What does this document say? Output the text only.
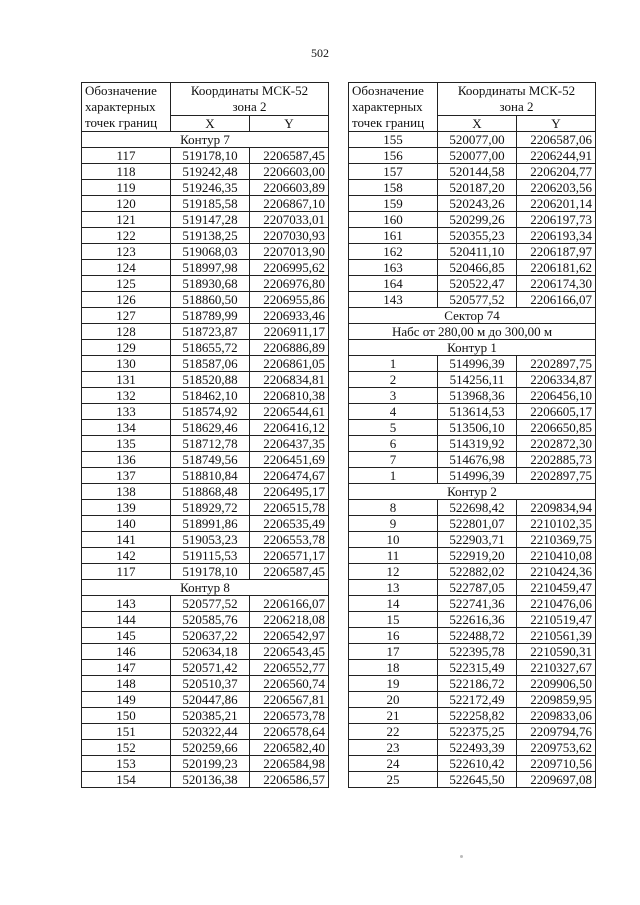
502
Обозначение
характерных
точек границ	Координаты МСК-52
зона 2	
	X	Y
Контур 7		
117	519178,10	2206587,45
118	519242,48	2206603,00
119	519246,35	2206603,89
120	519185,58	2206867,10
121	519147,28	2207033,01
122	519138,25	2207030,93
123	519068,03	2207013,90
124	518997,98	2206995,62
125	518930,68	2206976,80
126	518860,50	2206955,86
127	518789,99	2206933,46
128	518723,87	2206911,17
129	518655,72	2206886,89
130	518587,06	2206861,05
131	518520,88	2206834,81
132	518462,10	2206810,38
133	518574,92	2206544,61
134	518629,46	2206416,12
135	518712,78	2206437,35
136	518749,56	2206451,69
137	518810,84	2206474,67
138	518868,48	2206495,17
139	518929,72	2206515,78
140	518991,86	2206535,49
141	519053,23	2206553,78
142	519115,53	2206571,17
117	519178,10	2206587,45
Контур 8		
143	520577,52	2206166,07
144	520585,76	2206218,08
145	520637,22	2206542,97
146	520634,18	2206543,45
147	520571,42	2206552,77
148	520510,37	2206560,74
149	520447,86	2206567,81
150	520385,21	2206573,78
151	520322,44	2206578,64
152	520259,66	2206582,40
153	520199,23	2206584,98
154	520136,38	2206586,57
Обозначение
характерных
точек границ	Координаты МСК-52
зона 2	
	X	Y
155	520077,00	2206587,06
156	520077,00	2206244,91
157	520144,58	2206204,77
158	520187,20	2206203,56
159	520243,26	2206201,14
160	520299,26	2206197,73
161	520355,23	2206193,34
162	520411,10	2206187,97
163	520466,85	2206181,62
164	520522,47	2206174,30
143	520577,52	2206166,07
Сектор 74		
Набс от 280,00 м до 300,00 м		
Контур 1		
1	514996,39	2202897,75
2	514256,11	2206334,87
3	513968,36	2206456,10
4	513614,53	2206605,17
5	513506,10	2206650,85
6	514319,92	2202872,30
7	514676,98	2202885,73
1	514996,39	2202897,75
Контур 2		
8	522698,42	2209834,94
9	522801,07	2210102,35
10	522903,71	2210369,75
11	522919,20	2210410,08
12	522882,02	2210424,36
13	522787,05	2210459,47
14	522741,36	2210476,06
15	522616,36	2210519,47
16	522488,72	2210561,39
17	522395,78	2210590,31
18	522315,49	2210327,67
19	522186,72	2209906,50
20	522172,49	2209859,95
21	522258,82	2209833,06
22	522375,25	2209794,76
23	522493,39	2209753,62
24	522610,42	2209710,56
25	522645,50	2209697,08
